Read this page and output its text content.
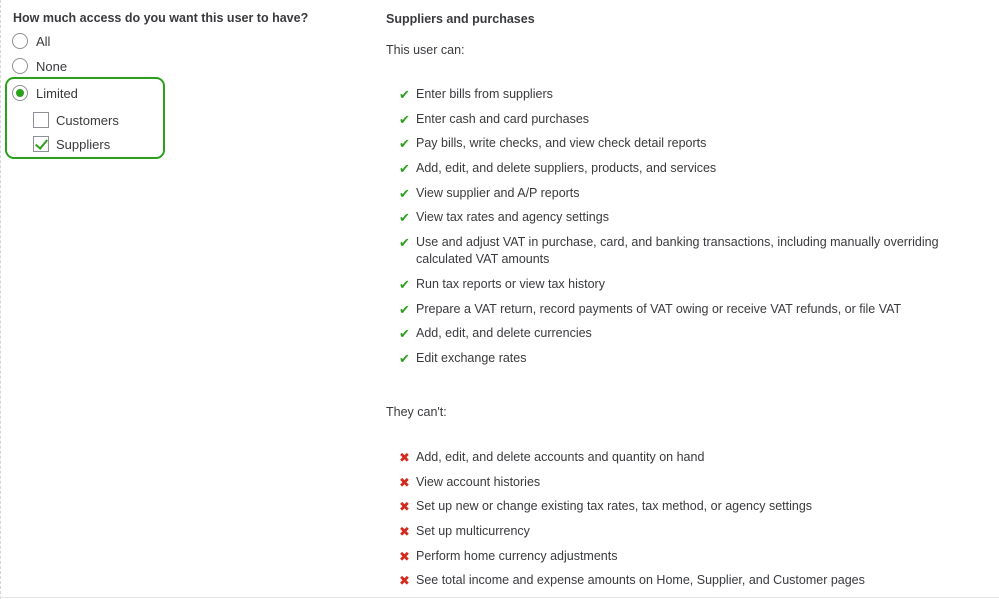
How much access do you want this user to have?
All
None
Limited
Customers
Suppliers
Suppliers and purchases
This user can:
✔ Enter bills from suppliers
✔ Enter cash and card purchases
✔ Pay bills, write checks, and view check detail reports
✔ Add, edit, and delete suppliers, products, and services
✔ View supplier and A/P reports
✔ View tax rates and agency settings
✔ Use and adjust VAT in purchase, card, and banking transactions, including manually overriding calculated VAT amounts
✔ Run tax reports or view tax history
✔ Prepare a VAT return, record payments of VAT owing or receive VAT refunds, or file VAT
✔ Add, edit, and delete currencies
✔ Edit exchange rates
They can't:
✖ Add, edit, and delete accounts and quantity on hand
✖ View account histories
✖ Set up new or change existing tax rates, tax method, or agency settings
✖ Set up multicurrency
✖ Perform home currency adjustments
✖ See total income and expense amounts on Home, Supplier, and Customer pages
